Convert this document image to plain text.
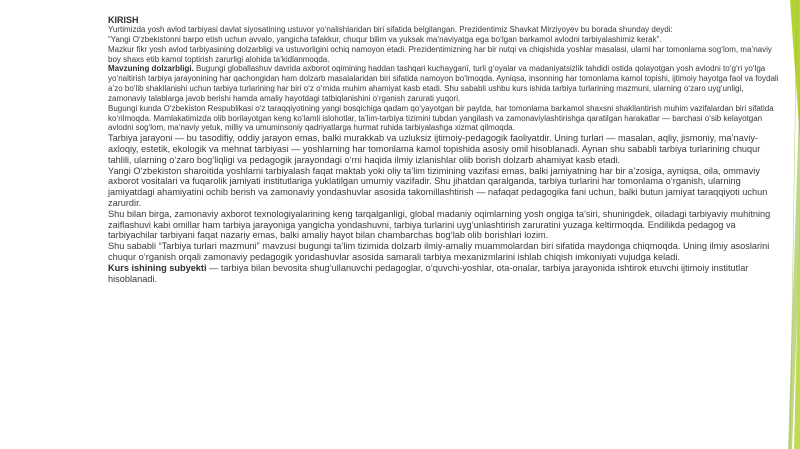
KIRISH

Yurtimizda yosh avlod tarbiyasi davlat siyosatining ustuvor yo‘nalishlaridan biri sifatida belgilangan. Prezidentimiz Shavkat Mirziyoyev bu borada shunday deydi:

“Yangi O‘zbekistonni barpo etish uchun avvalo, yangicha tafakkur, chuqur bilim va yuksak ma’naviyatga ega bo‘lgan barkamol avlodni tarbiyalashimiz kerak”.

Mazkur fikr yosh avlod tarbiyasining dolzarbligi va ustuvorligini ochiq namoyon etadi. Prezidentimizning har bir nutqi va chiqishida yoshlar masalasi, ularni har tomonlama sog‘lom, ma’naviy boy shaxs etib kamol toptirish zarurligi alohida ta’kidlanmoqda.

Mavzuning dolzarbligi. Bugungi globallashuv davrida axborot oqimining haddan tashqari kuchayganī, turli g‘oyalar va madaniyatsizlik tahdidi ostida qolayotgan yosh avlodni to‘g‘ri yo‘lga yo‘naltirish tarbiya jarayonining har qachongidan ham dolzarb masalalaridan biri sifatida namoyon bo‘lmoqda. Ayniqsa, insonning har tomonlama kamol topishi, ijtimoiy hayotga faol va foydali a’zo bo‘lib shakllanishi uchun tarbiya turlarining har biri o‘z o‘rnida muhim ahamiyat kasb etadi. Shu sababli ushbu kurs ishida tarbiya turlarining mazmuni, ularning o‘zaro uyg‘unligi, zamonaviy talablarga javob berishi hamda amaliy hayotdagi tatbiqlanishini o‘rganish zarurati yuqori.

Bugungi kunda O‘zbekiston Respublikasi o‘z taraqqiyotining yangi bosqichiga qadam qo‘yayotgan bir paytda, har tomonlama barkamol shaxsni shakllantirish muhim vazifalardan biri sifatida ko‘rilmoqda. Mamlakatimizda olib borilayotgan keng ko‘lamli islohotlar, ta’lim-tarbiya tizimini tubdan yangilash va zamonaviylashtirishga qaratilgan harakatlar — barchasi o‘sib kelayotgan avlodni sog‘lom, ma’naviy yetuk, milliy va umuminsoniy qadriyatlarga hurmat ruhida tarbiyalashga xizmat qilmoqda.

Tarbiya jarayoni — bu tasodifiy, oddiy jarayon emas, balki murakkab va uzluksiz ijtimoiy-pedagogik faoliyatdir. Uning turlari — masalan, aqliy, jismoniy, ma’naviy-axloqiy, estetik, ekologik va mehnat tarbiyasi — yoshlarning har tomonlama kamol topishida asosiy omil hisoblanadi. Aynan shu sababli tarbiya turlarining chuqur tahlili, ularning o‘zaro bog‘liqligi va pedagogik jarayondagi o‘rni haqida ilmiy izlanishlar olib borish dolzarb ahamiyat kasb etadi.

Yangi O‘zbekiston sharoitida yoshlarni tarbiyalash faqat maktab yoki oliy ta’lim tizimining vazifasi emas, balki jamiyatning har bir a’zosiga, ayniqsa, oila, ommaviy axborot vositalari va fuqarolik jamiyati institutlariga yuklatilgan umumiy vazifadir. Shu jihatdan qaralganda, tarbiya turlarini har tomonlama o‘rganish, ularning jamiyatdagi ahamiyatini ochib berish va zamonaviy yondashuvlar asosida takomillashtirish — nafaqat pedagogika fani uchun, balki butun jamiyat taraqqiyoti uchun zarurdir.

Shu bilan birga, zamonaviy axborot texnologiyalarining keng tarqalganligi, global madaniy oqimlarning yosh ongiga ta’siri, shuningdek, oiladagi tarbiyaviy muhitning zaiflashuvi kabi omillar ham tarbiya jarayoniga yangicha yondashuvni, tarbiya turlarini uyg‘unlashtirish zaruratini yuzaga keltirmoqda. Endilikda pedagog va tarbiyachilar tarbiyani faqat nazariy emas, balki amaliy hayot bilan chambarchas bog‘lab olib borishlari lozim.

Shu sababli “Tarbiya turlari mazmuni” mavzusi bugungi ta’lim tizimida dolzarb ilmiy-amaliy muammolardan biri sifatida maydonga chiqmoqda. Uning ilmiy asoslarini chuqur o‘rganish orqali zamonaviy pedagogik yondashuvlar asosida samarali tarbiya mexanizmlarini ishlab chiqish imkoniyati vujudga keladi.

Kurs ishining subyekti — tarbiya bilan bevosita shug‘ullanuvchi pedagoglar, o‘quvchi-yoshlar, ota-onalar, tarbiya jarayonida ishtirok etuvchi ijtimoiy institutlar hisoblanadi.
